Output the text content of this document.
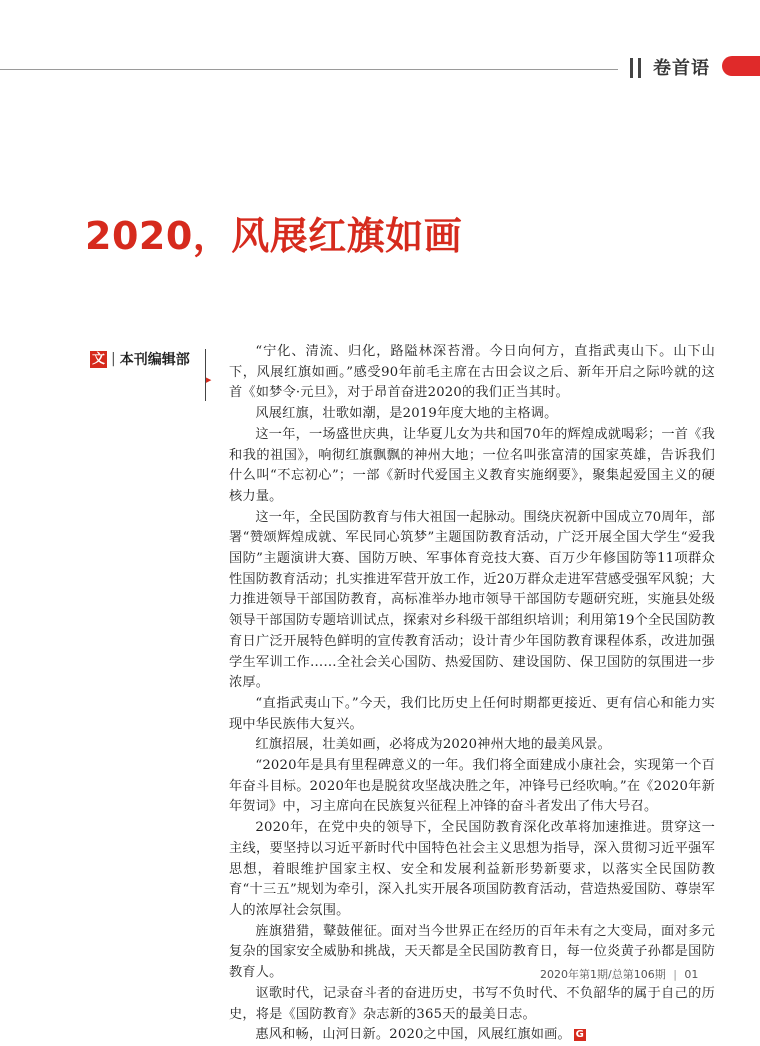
卷首语
2020，风展红旗如画
文 | 本刊编辑部
▶

“宁化、清流、归化，路隘林深苔滑。今日向何方，直指武夷山下。山下山下，风展红旗如画。”感受90年前毛主席在古田会议之后、新年开启之际吟就的这首《如梦令·元旦》，对于昂首奋进2020的我们正当其时。

风展红旗，壮歌如潮，是2019年度大地的主格调。

这一年，一场盛世庆典，让华夏儿女为共和国70年的辉煌成就喝彩；一首《我和我的祖国》，响彻红旗飘飘的神州大地；一位名叫张富清的国家英雄，告诉我们什么叫“不忘初心”；一部《新时代爱国主义教育实施纲要》，聚集起爱国主义的硬核力量。

这一年，全民国防教育与伟大祖国一起脉动。围绕庆祝新中国成立70周年，部署“赞颂辉煌成就、军民同心筑梦”主题国防教育活动，广泛开展全国大学生“爱我国防”主题演讲大赛、国防万映、军事体育竞技大赛、百万少年修国防等11项群众性国防教育活动；扎实推进军营开放工作，近20万群众走进军营感受强军风貌；大力推进领导干部国防教育，高标准举办地市领导干部国防专题研究班，实施县处级领导干部国防专题培训试点，探索对乡科级干部组织培训；利用第19个全民国防教育日广泛开展特色鲜明的宣传教育活动；设计青少年国防教育课程体系，改进加强学生军训工作……全社会关心国防、热爱国防、建设国防、保卫国防的氛围进一步浓厚。

“直指武夷山下。”今天，我们比历史上任何时期都更接近、更有信心和能力实现中华民族伟大复兴。

红旗招展，壮美如画，必将成为2020神州大地的最美风景。

“2020年是具有里程碑意义的一年。我们将全面建成小康社会，实现第一个百年奋斗目标。2020年也是脱贫攻坚战决胜之年，冲锋号已经吹响。”在《2020年新年贺词》中，习主席向在民族复兴征程上冲锋的奋斗者发出了伟大号召。

2020年，在党中央的领导下，全民国防教育深化改革将加速推进。贯穿这一主线，要坚持以习近平新时代中国特色社会主义思想为指导，深入贯彻习近平强军思想，着眼维护国家主权、安全和发展利益新形势新要求，以落实全民国防教育“十三五”规划为牵引，深入扎实开展各项国防教育活动，营造热爱国防、尊崇军人的浓厚社会氛围。

旌旗猎猎，鼙鼓催征。面对当今世界正在经历的百年未有之大变局，面对多元复杂的国家安全威胁和挑战，天天都是全民国防教育日，每一位炎黄子孙都是国防教育人。

讴歌时代，记录奋斗者的奋进历史，书写不负时代、不负韶华的属于自己的历史，将是《国防教育》杂志新的365天的最美日志。

惠风和畅，山河日新。2020之中国，风展红旗如画。 G

2020年第1期/总第106期 | 01
